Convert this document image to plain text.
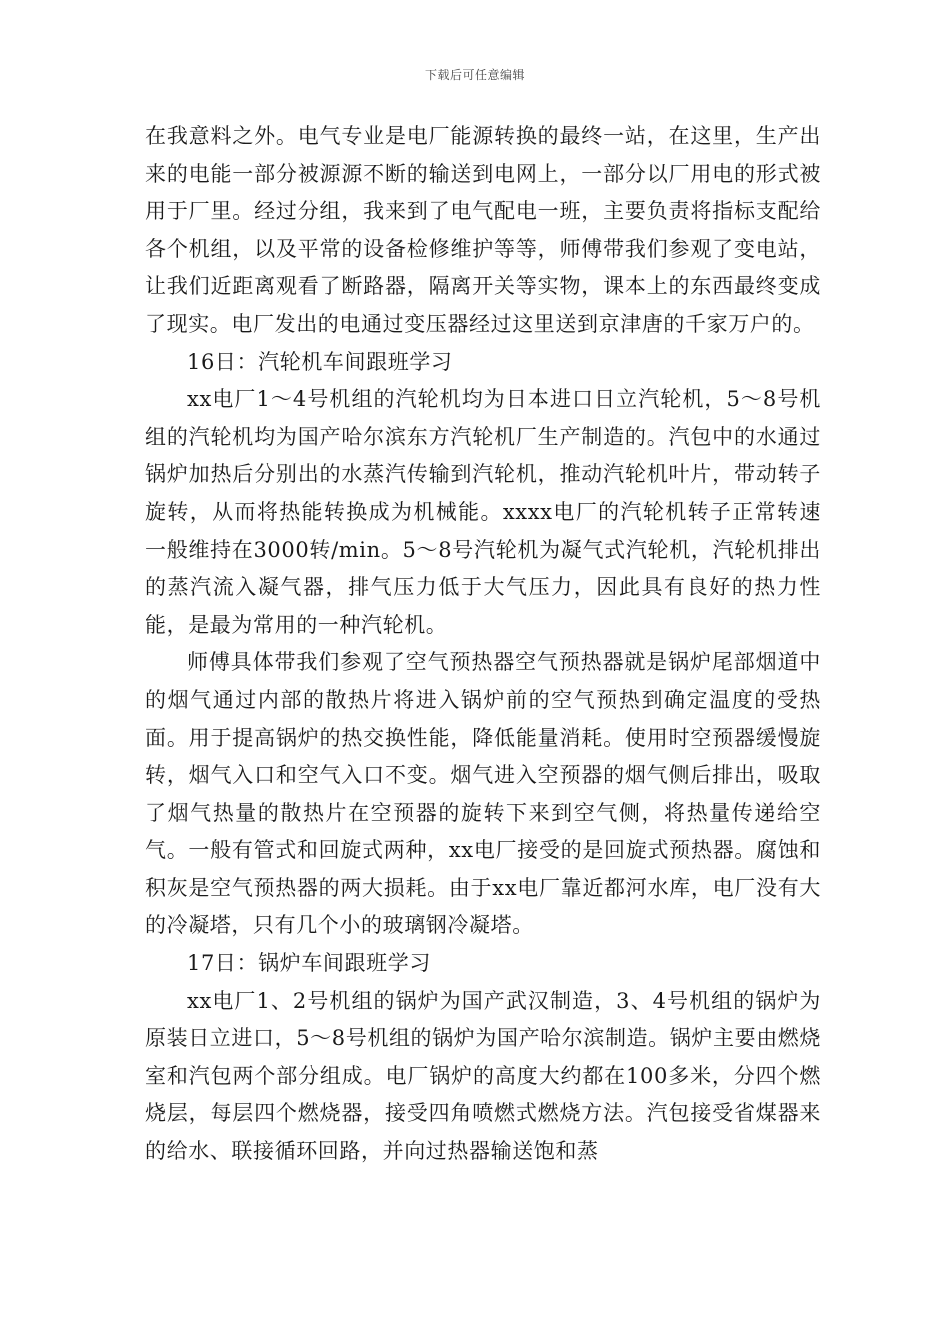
下载后可任意编辑

在我意料之外。电气专业是电厂能源转换的最终一站，在这里，生产出来的电能一部分被源源不断的输送到电网上，一部分以厂用电的形式被用于厂里。经过分组，我来到了电气配电一班，主要负责将指标支配给各个机组，以及平常的设备检修维护等等，师傅带我们参观了变电站，让我们近距离观看了断路器，隔离开关等实物，课本上的东西最终变成了现实。电厂发出的电通过变压器经过这里送到京津唐的千家万户的。

16日：汽轮机车间跟班学习

xx电厂1～4号机组的汽轮机均为日本进口日立汽轮机，5～8号机组的汽轮机均为国产哈尔滨东方汽轮机厂生产制造的。汽包中的水通过锅炉加热后分别出的水蒸汽传输到汽轮机，推动汽轮机叶片，带动转子旋转，从而将热能转换成为机械能。xxxx电厂的汽轮机转子正常转速一般维持在3000转/min。5～8号汽轮机为凝气式汽轮机，汽轮机排出的蒸汽流入凝气器，排气压力低于大气压力，因此具有良好的热力性能，是最为常用的一种汽轮机。

师傅具体带我们参观了空气预热器空气预热器就是锅炉尾部烟道中的烟气通过内部的散热片将进入锅炉前的空气预热到确定温度的受热面。用于提高锅炉的热交换性能，降低能量消耗。使用时空预器缓慢旋转，烟气入口和空气入口不变。烟气进入空预器的烟气侧后排出，吸取了烟气热量的散热片在空预器的旋转下来到空气侧，将热量传递给空气。一般有管式和回旋式两种，xx电厂接受的是回旋式预热器。腐蚀和积灰是空气预热器的两大损耗。由于xx电厂靠近都河水库，电厂没有大的冷凝塔，只有几个小的玻璃钢冷凝塔。

17日：锅炉车间跟班学习

xx电厂1、2号机组的锅炉为国产武汉制造，3、4号机组的锅炉为原装日立进口，5～8号机组的锅炉为国产哈尔滨制造。锅炉主要由燃烧室和汽包两个部分组成。电厂锅炉的高度大约都在100多米，分四个燃烧层，每层四个燃烧器，接受四角喷燃式燃烧方法。汽包接受省煤器来的给水、联接循环回路，并向过热器输送饱和蒸
